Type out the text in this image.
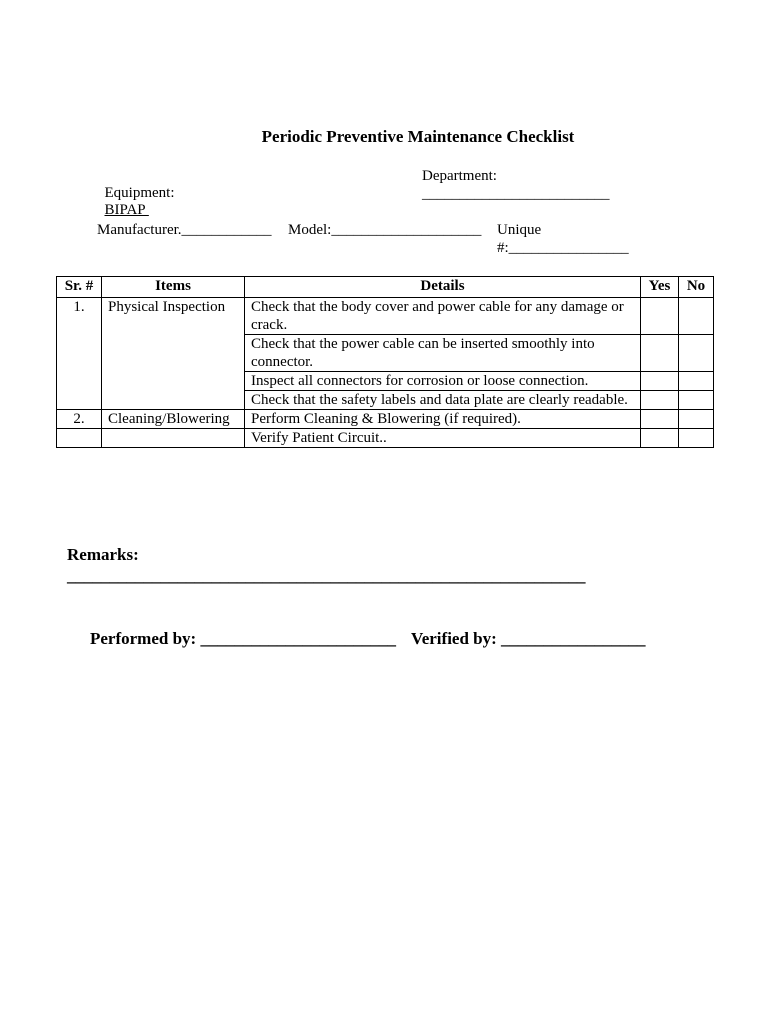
Periodic Preventive Maintenance Checklist

Equipment:
BIPAP

Department:
_________________________
Manufacturer.____________ Model:____________________ Unique
#:________________
Sr. #	Items	Details	Yes	No
1.	Physical Inspection	Check that the body cover and power cable for any damage or crack.		
		Check that the power cable can be inserted smoothly into connector.		
		Inspect all connectors for corrosion or loose connection.		
		Check that the safety labels and data plate are clearly readable.		
2.	Cleaning/Blowering	Perform Cleaning & Blowering (if required).		
		Verify Patient Circuit..		
Remarks:
_____________________________________________________________
Performed by: _______________________ Verified by: _________________
